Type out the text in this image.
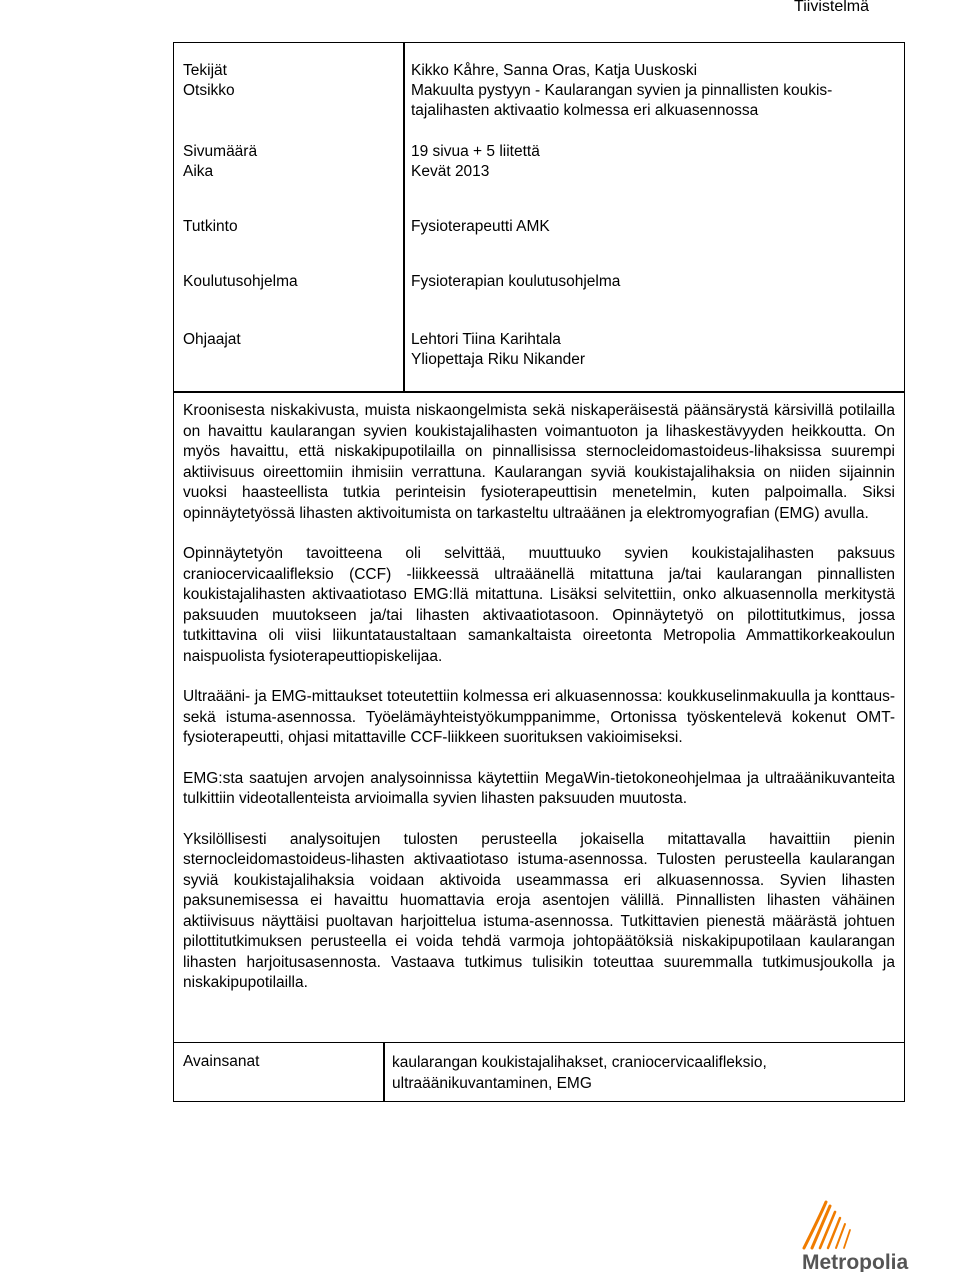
Tiivistelmä
Tekijät	Kikko Kåhre, Sanna Oras, Katja Uuskoski
Otsikko	Makuulta pystyyn - Kaularangan syvien ja pinnallisten koukis-
tajalihasten aktivaatio kolmessa eri alkuasennossa
Sivumäärä	19 sivua + 5 liitettä
Aika	Kevät 2013
Tutkinto	Fysioterapeutti AMK
Koulutusohjelma	Fysioterapian koulutusohjelma
Ohjaajat	Lehtori Tiina Karihtala
Yliopettaja Riku Nikander

Kroonisesta niskakivusta, muista niskaongelmista sekä niskaperäisestä päänsärystä kärsivillä potilailla on havaittu kaularangan syvien koukistajalihasten voimantuoton ja lihaskestävyyden heikkoutta. On myös havaittu, että niskakipupotilailla on pinnallisissa sternocleidomastoideus-lihaksissa suurempi aktiivisuus oireettomiin ihmisiin verrattuna. Kaularangan syviä koukistajalihaksia on niiden sijainnin vuoksi haasteellista tutkia perinteisin fysioterapeuttisin menetelmin, kuten palpoimalla. Siksi opinnäytetyössä lihasten aktivoitumista on tarkasteltu ultraäänen ja elektromyografian (EMG) avulla.

Opinnäytetyön tavoitteena oli selvittää, muuttuuko syvien koukistajalihasten paksuus craniocervicaalifleksio (CCF) -liikkeessä ultraäänellä mitattuna ja/tai kaularangan pinnallisten koukistajalihasten aktivaatiotaso EMG:llä mitattuna. Lisäksi selvitettiin, onko alkuasennolla merkitystä paksuuden muutokseen ja/tai lihasten aktivaatiotasoon. Opinnäytetyö on pilottitutkimus, jossa tutkittavina oli viisi liikuntataustaltaan samankaltaista oireetonta Metropolia Ammattikorkeakoulun naispuolista fysioterapeuttiopiskelijaa.

Ultraääni- ja EMG-mittaukset toteutettiin kolmessa eri alkuasennossa: koukkuselinmakuulla ja konttaus- sekä istuma-asennossa. Työelämäyhteistyökumppanimme, Ortonissa työskentelevä kokenut OMT-fysioterapeutti, ohjasi mitattaville CCF-liikkeen suorituksen vakioimiseksi.

EMG:sta saatujen arvojen analysoinnissa käytettiin MegaWin-tietokoneohjelmaa ja ultraäänikuvanteita tulkittiin videotallenteista arvioimalla syvien lihasten paksuuden muutosta.

Yksilöllisesti analysoitujen tulosten perusteella jokaisella mitattavalla havaittiin pienin sternocleidomastoideus-lihasten aktivaatiotaso istuma-asennossa. Tulosten perusteella kaularangan syviä koukistajalihaksia voidaan aktivoida useammassa eri alkuasennossa. Syvien lihasten paksunemisessa ei havaittu huomattavia eroja asentojen välillä. Pinnallisten lihasten vähäinen aktiivisuus näyttäisi puoltavan harjoittelua istuma-asennossa. Tutkittavien pienestä määrästä johtuen pilottitutkimuksen perusteella ei voida tehdä varmoja johtopäätöksiä niskakipupotilaan kaularangan lihasten harjoitusasennosta. Vastaava tutkimus tulisikin toteuttaa suuremmalla tutkimusjoukolla ja niskakipupotilailla.

Avainsanat	kaularangan koukistajalihakset, craniocervicaalifleksio, ultraäänikuvantaminen, EMG
Metropolia
